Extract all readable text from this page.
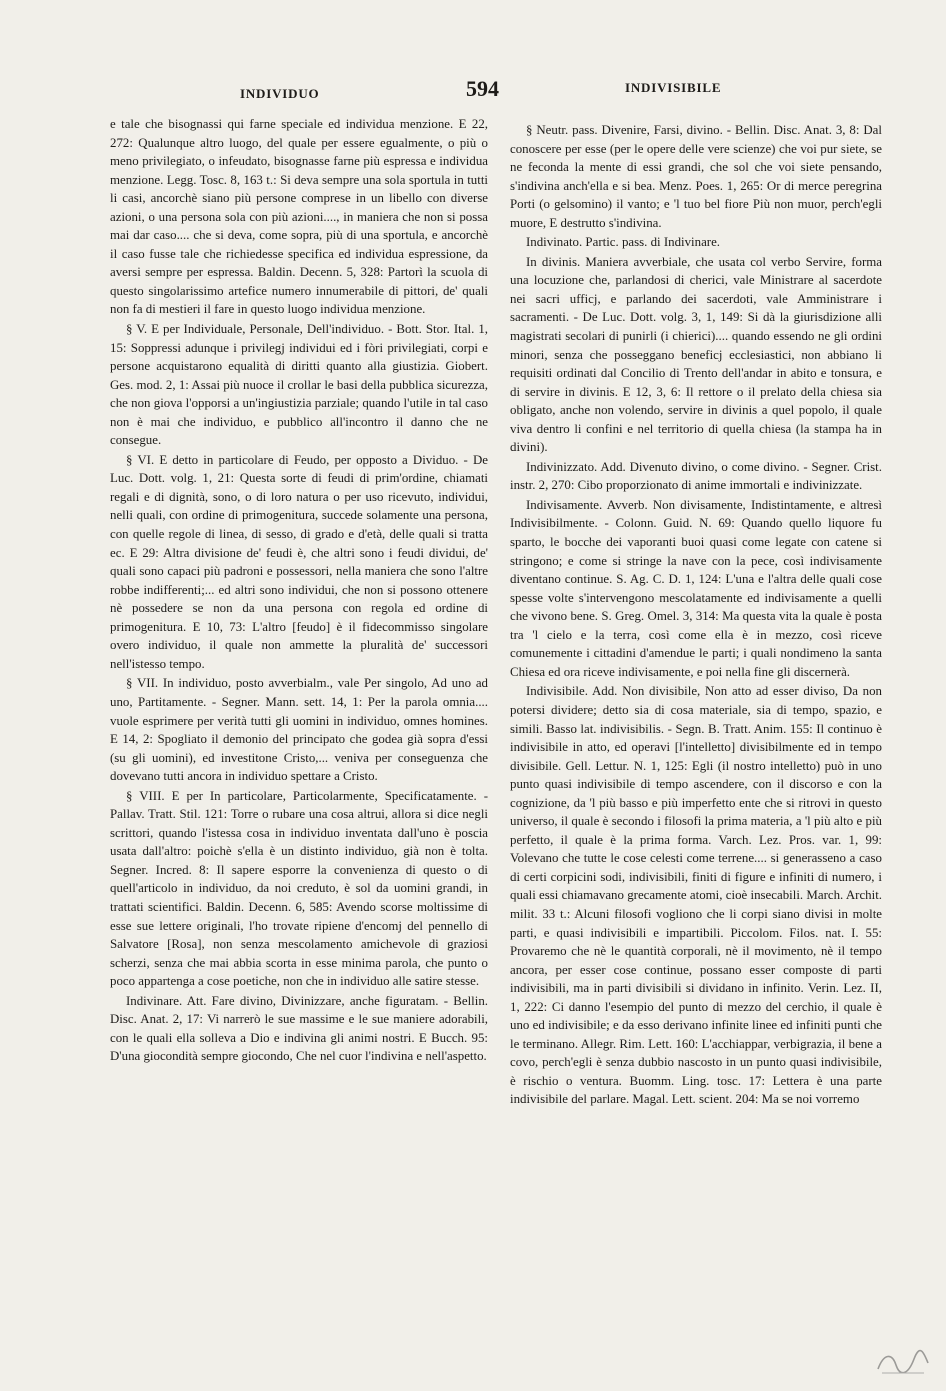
INDIVIDUO	594	INDIVISIBILE

e tale che bisognassi qui farne speciale ed individua menzione. E 22, 272: Qualunque altro luogo, del quale per essere egualmente, o più o meno privilegiato, o infeudato, bisognasse farne più espressa e individua menzione. Legg. Tosc. 8, 163 t.: Si deva sempre una sola sportula in tutti li casi, ancorchè siano più persone comprese in un libello con diverse azioni, o una persona sola con più azioni...., in maniera che non si possa mai dar caso.... che si deva, come sopra, più di una sportula, e ancorchè il caso fusse tale che richiedesse specifica ed individua espressione, da aversi sempre per espressa. Baldin. Decenn. 5, 328: Partorì la scuola di questo singolarissimo artefice numero innumerabile di pittori, de' quali non fa di mestieri il fare in questo luogo individua menzione.

§ V. E per Individuale, Personale, Dell'individuo. - Bott. Stor. Ital. 1, 15: Soppressi adunque i privilegj individui ed i fòri privilegiati, corpi e persone acquistarono equalità di diritti quanto alla giustizia. Giobert. Ges. mod. 2, 1: Assai più nuoce il crollar le basi della pubblica sicurezza, che non giova l'opporsi a un'ingiustizia parziale; quando l'utile in tal caso non è mai che individuo, e pubblico all'incontro il danno che ne consegue.

§ VI. E detto in particolare di Feudo, per opposto a Dividuo. - De Luc. Dott. volg. 1, 21: Questa sorte di feudi di prim'ordine, chiamati regali e di dignità, sono, o di loro natura o per uso ricevuto, individui, nelli quali, con ordine di primogenitura, succede solamente una persona, con quelle regole di linea, di sesso, di grado e d'età, delle quali si tratta ec. E 29: Altra divisione de' feudi è, che altri sono i feudi dividui, de' quali sono capaci più padroni e possessori, nella maniera che sono l'altre robbe indifferenti;... ed altri sono individui, che non si possono ottenere nè possedere se non da una persona con regola ed ordine di primogenitura. E 10, 73: L'altro [feudo] è il fidecommisso singolare overo individuo, il quale non ammette la pluralità de' successori nell'istesso tempo.

§ VII. In individuo, posto avverbialm., vale Per singolo, Ad uno ad uno, Partitamente. - Segner. Mann. sett. 14, 1: Per la parola omnia.... vuole esprimere per verità tutti gli uomini in individuo, omnes homines. E 14, 2: Spogliato il demonio del principato che godea già sopra d'essi (su gli uomini), ed investitone Cristo,... veniva per conseguenza che dovevano tutti ancora in individuo spettare a Cristo.

§ VIII. E per In particolare, Particolarmente, Specificatamente. - Pallav. Tratt. Stil. 121: Torre o rubare una cosa altrui, allora si dice negli scrittori, quando l'istessa cosa in individuo inventata dall'uno è poscia usata dall'altro: poichè s'ella è un distinto individuo, già non è tolta. Segner. Incred. 8: Il sapere esporre la convenienza di questo o di quell'articolo in individuo, da noi creduto, è sol da uomini grandi, in trattati scientifici. Baldin. Decenn. 6, 585: Avendo scorse moltissime di esse sue lettere originali, l'ho trovate ripiene d'encomj del pennello di Salvatore [Rosa], non senza mescolamento amichevole di graziosi scherzi, senza che mai abbia scorta in esse minima parola, che punto o poco appartenga a cose poetiche, non che in individuo alle satire stesse.

Indivinare. Att. Fare divino, Divinizzare, anche figuratam. - Bellin. Disc. Anat. 2, 17: Vi narrerò le sue massime e le sue maniere adorabili, con le quali ella solleva a Dio e indivina gli animi nostri. E Bucch. 95: D'una giocondità sempre giocondo, Che nel cuor l'indivina e nell'aspetto.

§ Neutr. pass. Divenire, Farsi, divino. - Bellin. Disc. Anat. 3, 8: Dal conoscere per esse (per le opere delle vere scienze) che voi pur siete, se ne feconda la mente di essi grandi, che sol che voi siete pensando, s'indivina anch'ella e si bea. Menz. Poes. 1, 265: Or di merce peregrina Porti (o gelsomino) il vanto; e 'l tuo bel fiore Più non muor, perch'egli muore, E destrutto s'indivina.

Indivinato. Partic. pass. di Indivinare.

In divinis. Maniera avverbiale, che usata col verbo Servire, forma una locuzione che, parlandosi di cherici, vale Ministrare al sacerdote nei sacri ufficj, e parlando dei sacerdoti, vale Amministrare i sacramenti. - De Luc. Dott. volg. 3, 1, 149: Si dà la giurisdizione alli magistrati secolari di punirli (i chierici).... quando essendo ne gli ordini minori, senza che posseggano beneficj ecclesiastici, non abbiano li requisiti ordinati dal Concilio di Trento dell'andar in abito e tonsura, e di servire in divinis. E 12, 3, 6: Il rettore o il prelato della chiesa sia obligato, anche non volendo, servire in divinis a quel popolo, il quale viva dentro li confini e nel territorio di quella chiesa (la stampa ha in divini).

Indivinizzato. Add. Divenuto divino, o come divino. - Segner. Crist. instr. 2, 270: Cibo proporzionato di anime immortali e indivinizzate.

Indivisamente. Avverb. Non divisamente, Indistintamente, e altresì Indivisibilmente. - Colonn. Guid. N. 69: Quando quello liquore fu sparto, le bocche dei vaporanti buoi quasi come legate con catene si stringono; e come si stringe la nave con la pece, così indivisamente diventano continue. S. Ag. C. D. 1, 124: L'una e l'altra delle quali cose spesse volte s'intervengono mescolatamente ed indivisamente a quelli che vivono bene. S. Greg. Omel. 3, 314: Ma questa vita la quale è posta tra 'l cielo e la terra, così come ella è in mezzo, così riceve comunemente i cittadini d'amendue le parti; i quali nondimeno la santa Chiesa ed ora riceve indivisamente, e poi nella fine gli discernerà.

Indivisibile. Add. Non divisibile, Non atto ad esser diviso, Da non potersi dividere; detto sia di cosa materiale, sia di tempo, spazio, e simili. Basso lat. indivisibilis. - Segn. B. Tratt. Anim. 155: Il continuo è indivisibile in atto, ed operavi [l'intelletto] divisibilmente ed in tempo divisibile. Gell. Lettur. N. 1, 125: Egli (il nostro intelletto) può in uno punto quasi indivisibile di tempo ascendere, con il discorso e con la cognizione, da 'l più basso e più imperfetto ente che si ritrovi in questo universo, il quale è secondo i filosofi la prima materia, a 'l più alto e più perfetto, il quale è la prima forma. Varch. Lez. Pros. var. 1, 99: Volevano che tutte le cose celesti come terrene.... si generasseno a caso di certi corpicini sodi, indivisibili, finiti di figure e infiniti di numero, i quali essi chiamavano grecamente atomi, cioè insecabili. March. Archit. milit. 33 t.: Alcuni filosofi vogliono che li corpi siano divisi in molte parti, e quasi indivisibili e impartibili. Piccolom. Filos. nat. I. 55: Provaremo che nè le quantità corporali, nè il movimento, nè il tempo ancora, per esser cose continue, possano esser composte di parti indivisibili, ma in parti divisibili si dividano in infinito. Verin. Lez. II, 1, 222: Ci danno l'esempio del punto di mezzo del cerchio, il quale è uno ed indivisibile; e da esso derivano infinite linee ed infiniti punti che le terminano. Allegr. Rim. Lett. 160: L'acchiappar, verbigrazia, il bene a covo, perch'egli è senza dubbio nascosto in un punto quasi indivisibile, è rischio o ventura. Buomm. Ling. tosc. 17: Lettera è una parte indivisibile del parlare. Magal. Lett. scient. 204: Ma se noi vorremo
